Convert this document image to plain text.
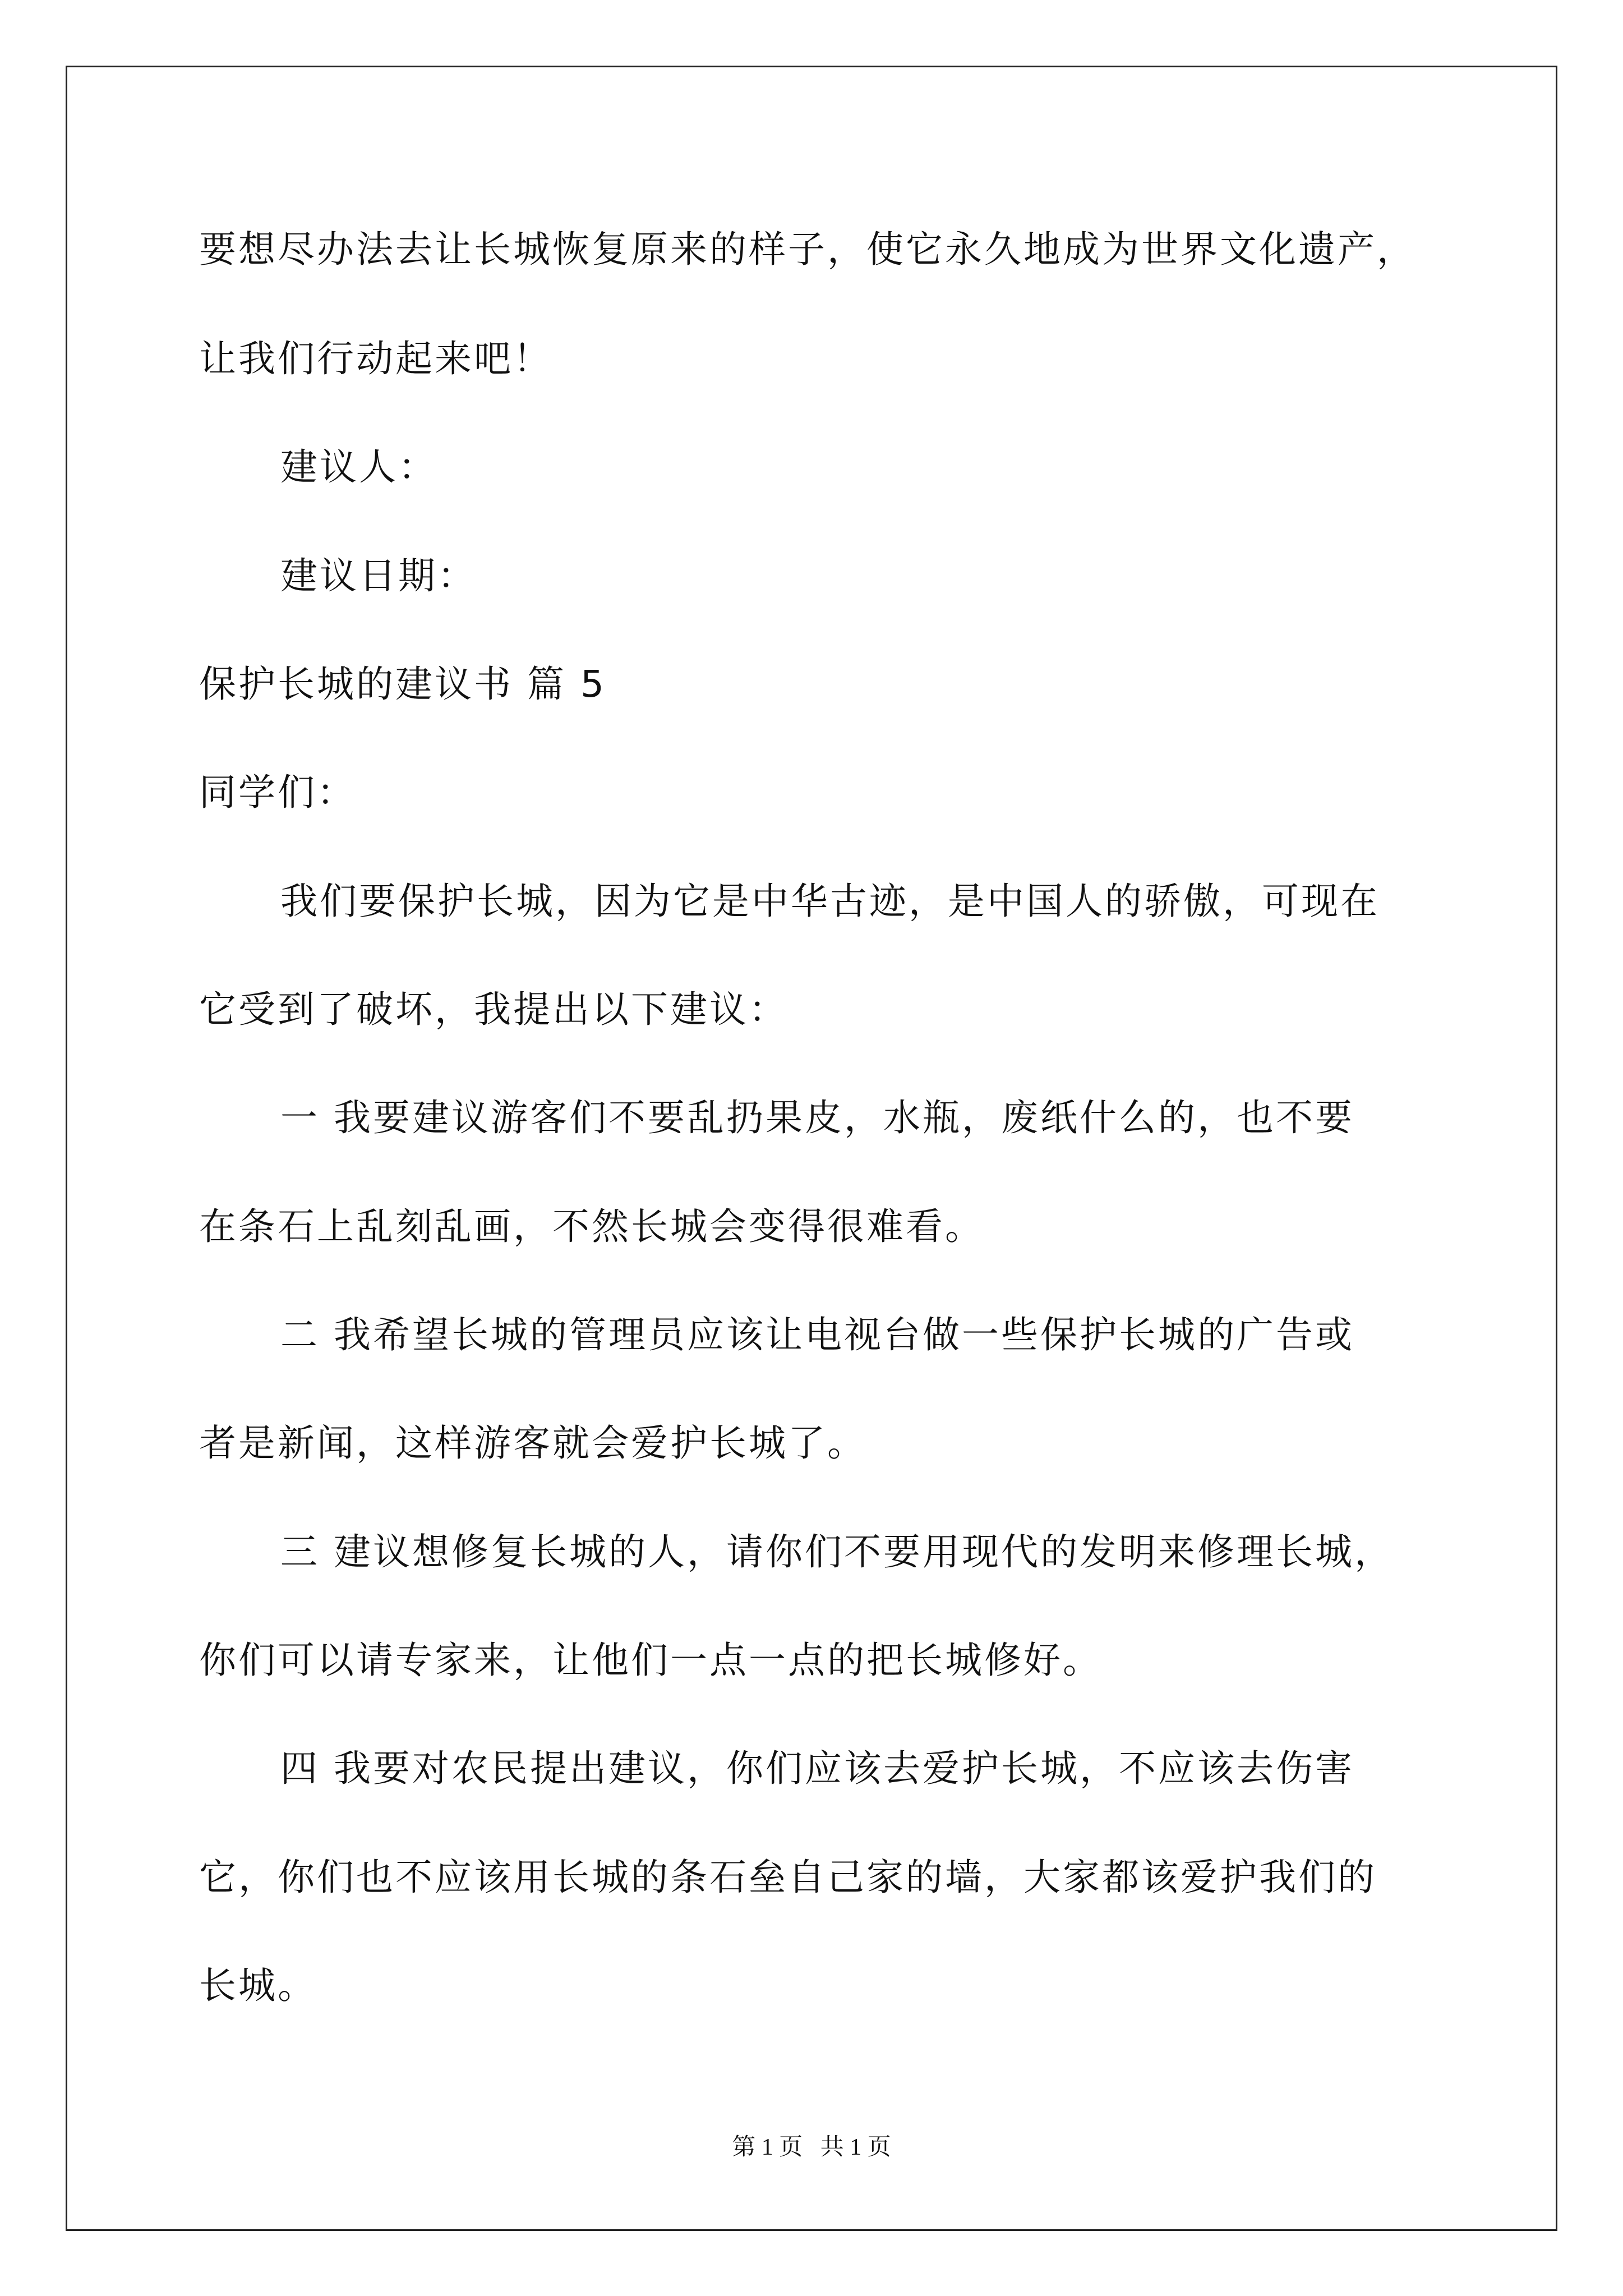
要想尽办法去让长城恢复原来的样子，使它永久地成为世界文化遗产，
让我们行动起来吧！
建议人：
建议日期：
保护长城的建议书 篇 5
同学们：
我们要保护长城，因为它是中华古迹，是中国人的骄傲，可现在
它受到了破坏，我提出以下建议：
一 我要建议游客们不要乱扔果皮，水瓶，废纸什么的，也不要
在条石上乱刻乱画，不然长城会变得很难看。
二 我希望长城的管理员应该让电视台做一些保护长城的广告或
者是新闻，这样游客就会爱护长城了。
三 建议想修复长城的人，请你们不要用现代的发明来修理长城，
你们可以请专家来，让他们一点一点的把长城修好。
四 我要对农民提出建议，你们应该去爱护长城，不应该去伤害
它，你们也不应该用长城的条石垒自己家的墙，大家都该爱护我们的
长城。
第 1 页   共 1 页
